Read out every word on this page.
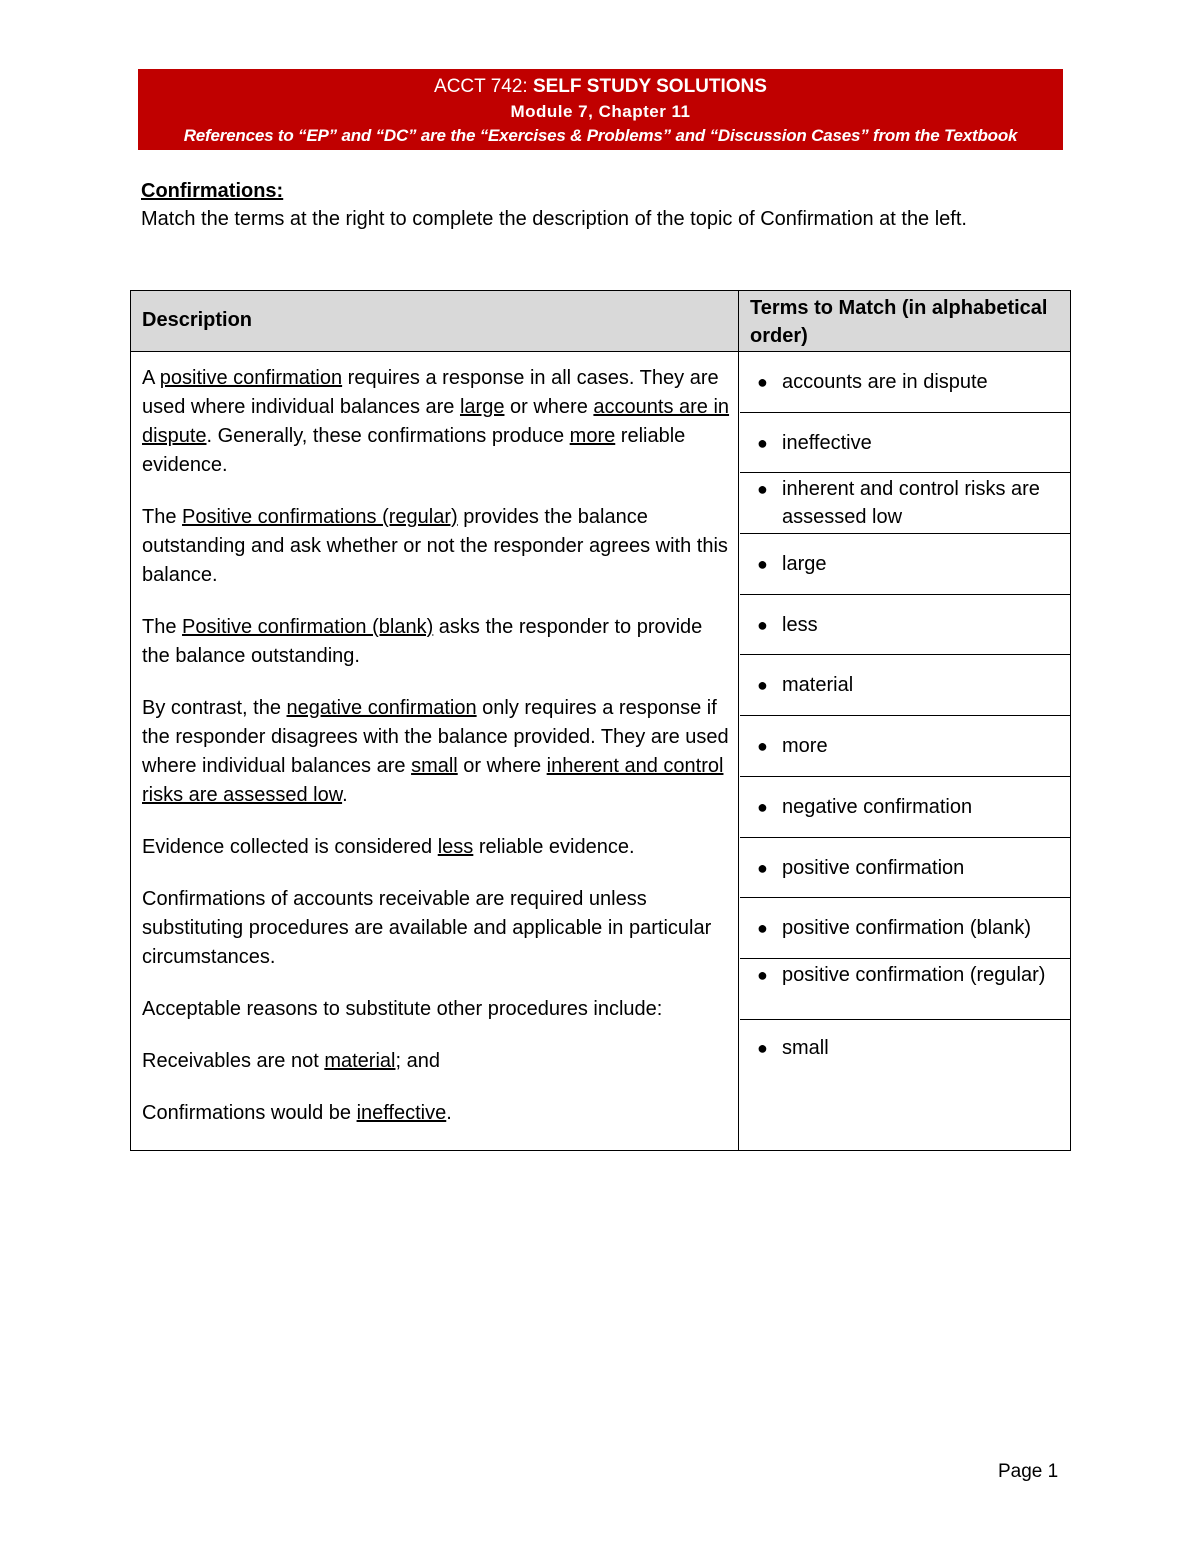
ACCT 742: SELF STUDY SOLUTIONS
Module 7, Chapter 11
References to “EP” and “DC” are the “Exercises & Problems” and “Discussion Cases” from the Textbook
Confirmations:
Match the terms at the right to complete the description of the topic of Confirmation at the left.
Description
Terms to Match (in alphabetical order)

A positive confirmation requires a response in all cases. They are used where individual balances are large or where accounts are in dispute. Generally, these confirmations produce more reliable evidence.

The Positive confirmations (regular) provides the balance outstanding and ask whether or not the responder agrees with this balance.

The Positive confirmation (blank) asks the responder to provide the balance outstanding.

By contrast, the negative confirmation only requires a response if the responder disagrees with the balance provided. They are used where individual balances are small or where inherent and control risks are assessed low.

Evidence collected is considered less reliable evidence.

Confirmations of accounts receivable are required unless substituting procedures are available and applicable in particular circumstances.

Acceptable reasons to substitute other procedures include:

Receivables are not material; and

Confirmations would be ineffective.

● accounts are in dispute
● ineffective
● inherent and control risks are assessed low
● large
● less
● material
● more
● negative confirmation
● positive confirmation
● positive confirmation (blank)
● positive confirmation (regular)
● small
Page 1
